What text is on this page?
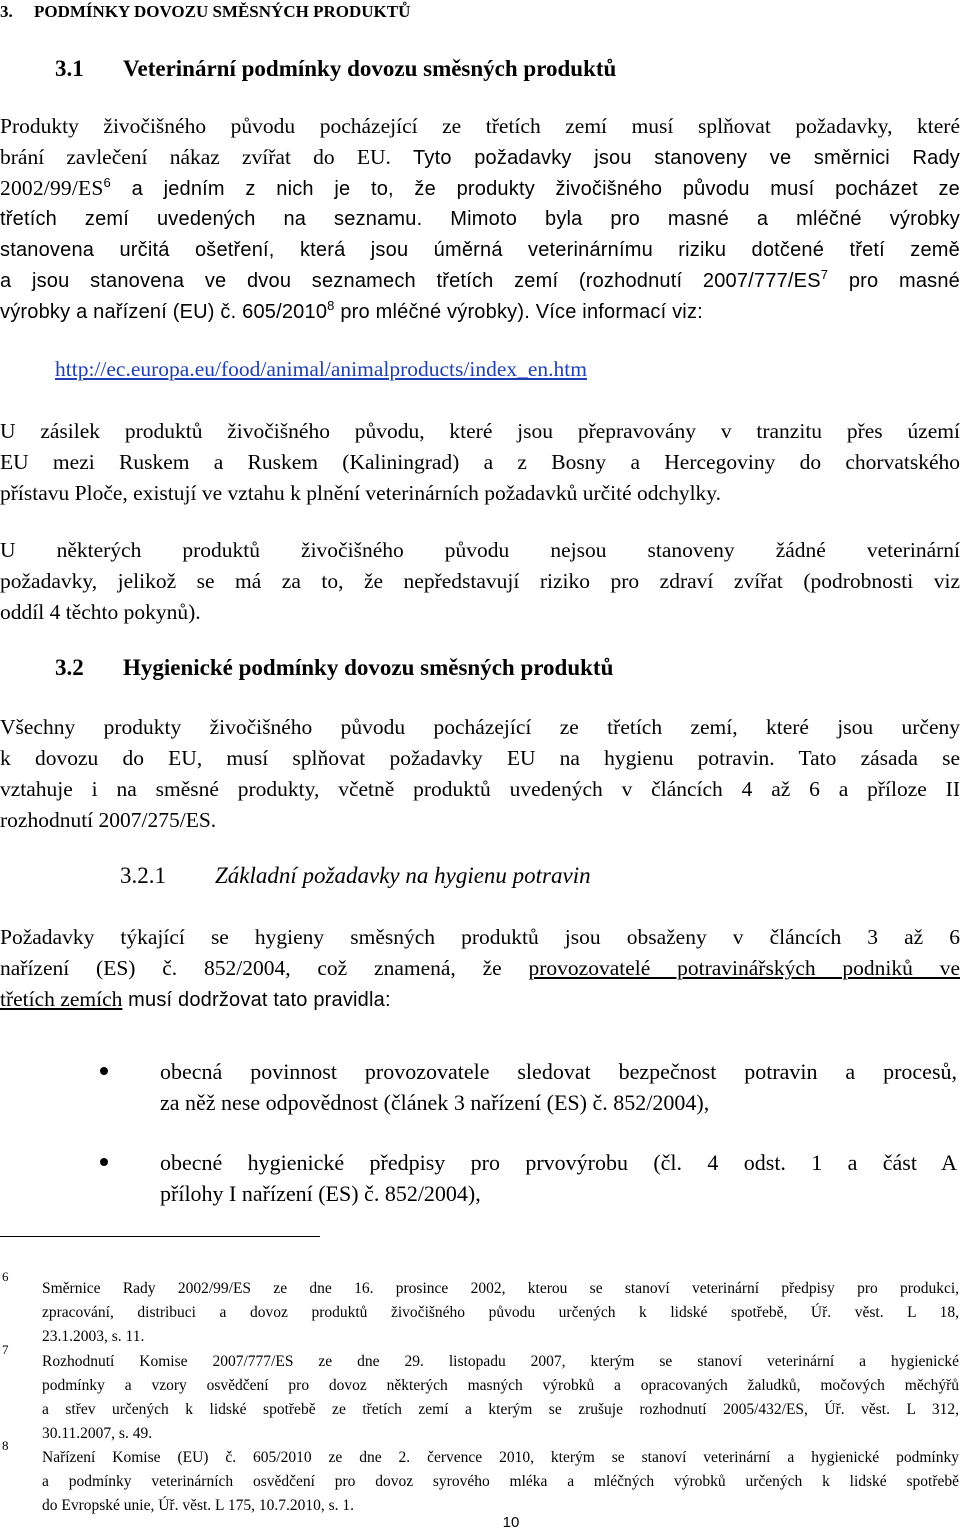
3. PODMÍNKY DOVOZU SMĚSNÝCH PRODUKTŮ
3.1 Veterinární podmínky dovozu směsných produktů
Produkty živočišného původu pocházející ze třetích zemí musí splňovat požadavky, které
brání zavlečení nákaz zvířat do EU. Tyto požadavky jsou stanoveny ve směrnici Rady
$2002/99/ES^6$ a jedním z nich je to, že produkty živočišného původu musí pocházet ze
třetích zemí uvedených na seznamu. Mimoto byla pro masné a mléčné výrobky
stanovena určitá ošetření, která jsou úměrná veterinárnímu riziku dotčené třetí země
a jsou stanovena ve dvou seznamech třetích zemí (rozhodnutí $2007/777/ES^7$ pro masné
výrobky a nařízení (EU) č. 605/2010$^8$ pro mléčné výrobky). Více informací viz:
http://ec.europa.eu/food/animal/animalproducts/index_en.htm
U zásilek produktů živočišného původu, které jsou přepravovány v tranzitu přes území
EU mezi Ruskem a Ruskem (Kaliningrad) a z Bosny a Hercegoviny do chorvatského
přístavu Ploče, existují ve vztahu k plnění veterinárních požadavků určité odchylky.
U některých produktů živočišného původu nejsou stanoveny žádné veterinární
požadavky, jelikož se má za to, že nepředstavují riziko pro zdraví zvířat (podrobnosti viz
oddíl 4 těchto pokynů).
3.2 Hygienické podmínky dovozu směsných produktů
Všechny produkty živočišného původu pocházející ze třetích zemí, které jsou určeny
k dovozu do EU, musí splňovat požadavky EU na hygienu potravin. Tato zásada se
vztahuje i na směsné produkty, včetně produktů uvedených v článcích 4 až 6 a příloze II
rozhodnutí 2007/275/ES.
3.2.1 Základní požadavky na hygienu potravin
Požadavky týkající se hygieny směsných produktů jsou obsaženy v článcích 3 až 6
nařízení (ES) č. 852/2004, což znamená, že provozovatelé potravinářských podniků ve
třetích zemích musí dodržovat tato pravidla:
obecná povinnost provozovatele sledovat bezpečnost potravin a procesů,
za něž nese odpovědnost (článek 3 nařízení (ES) č. 852/2004),
obecné hygienické předpisy pro prvovýrobu (čl. 4 odst. 1 a část A
přílohy I nařízení (ES) č. 852/2004),
6
Směrnice Rady 2002/99/ES ze dne 16. prosince 2002, kterou se stanoví veterinární předpisy pro produkci,
zpracování, distribuci a dovoz produktů živočišného původu určených k lidské spotřebě, Úř. věst. L 18,
23.1.2003, s. 11.
7
Rozhodnutí Komise 2007/777/ES ze dne 29. listopadu 2007, kterým se stanoví veterinární a hygienické
podmínky a vzory osvědčení pro dovoz některých masných výrobků a opracovaných žaludků, močových měchýřů
a střev určených k lidské spotřebě ze třetích zemí a kterým se zrušuje rozhodnutí 2005/432/ES, Úř. věst. L 312,
30.11.2007, s. 49.
8
Nařízení Komise (EU) č. 605/2010 ze dne 2. července 2010, kterým se stanoví veterinární a hygienické podmínky
a podmínky veterinárních osvědčení pro dovoz syrového mléka a mléčných výrobků určených k lidské spotřebě
do Evropské unie, Úř. věst. L 175, 10.7.2010, s. 1.
10
